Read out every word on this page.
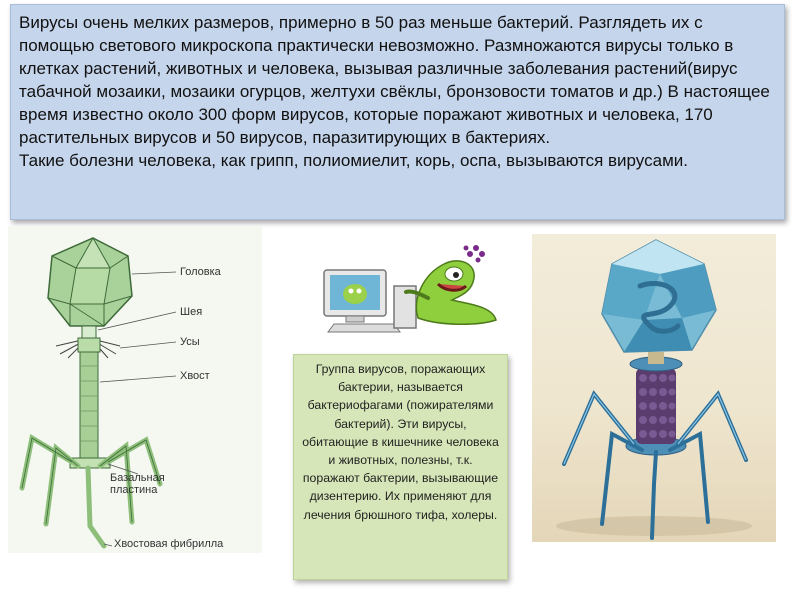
Вирусы очень мелких размеров, примерно в 50 раз меньше бактерий. Разглядеть их с помощью светового микроскопа практически невозможно. Размножаются вирусы только в клетках растений, животных и человека, вызывая различные заболевания растений(вирус табачной мозаики, мозаики огурцов, желтухи свёклы, бронзовости томатов и др.) В настоящее время известно около 300 форм вирусов, которые поражают животных и человека, 170 растительных вирусов и 50 вирусов, паразитирующих в бактериях.

Такие болезни человека, как грипп, полиомиелит, корь, оспа, вызываются вирусами.

Головка
Шея
Усы
Хвост
Базальная
пластина
Хвостовая фибрилла

Группа вирусов, поражающих бактерии, называется бактериофагами (пожирателями бактерий). Эти вирусы, обитающие в кишечнике человека и животных, полезны, т.к. поражают бактерии, вызывающие дизентерию. Их применяют для лечения брюшного тифа, холеры.
